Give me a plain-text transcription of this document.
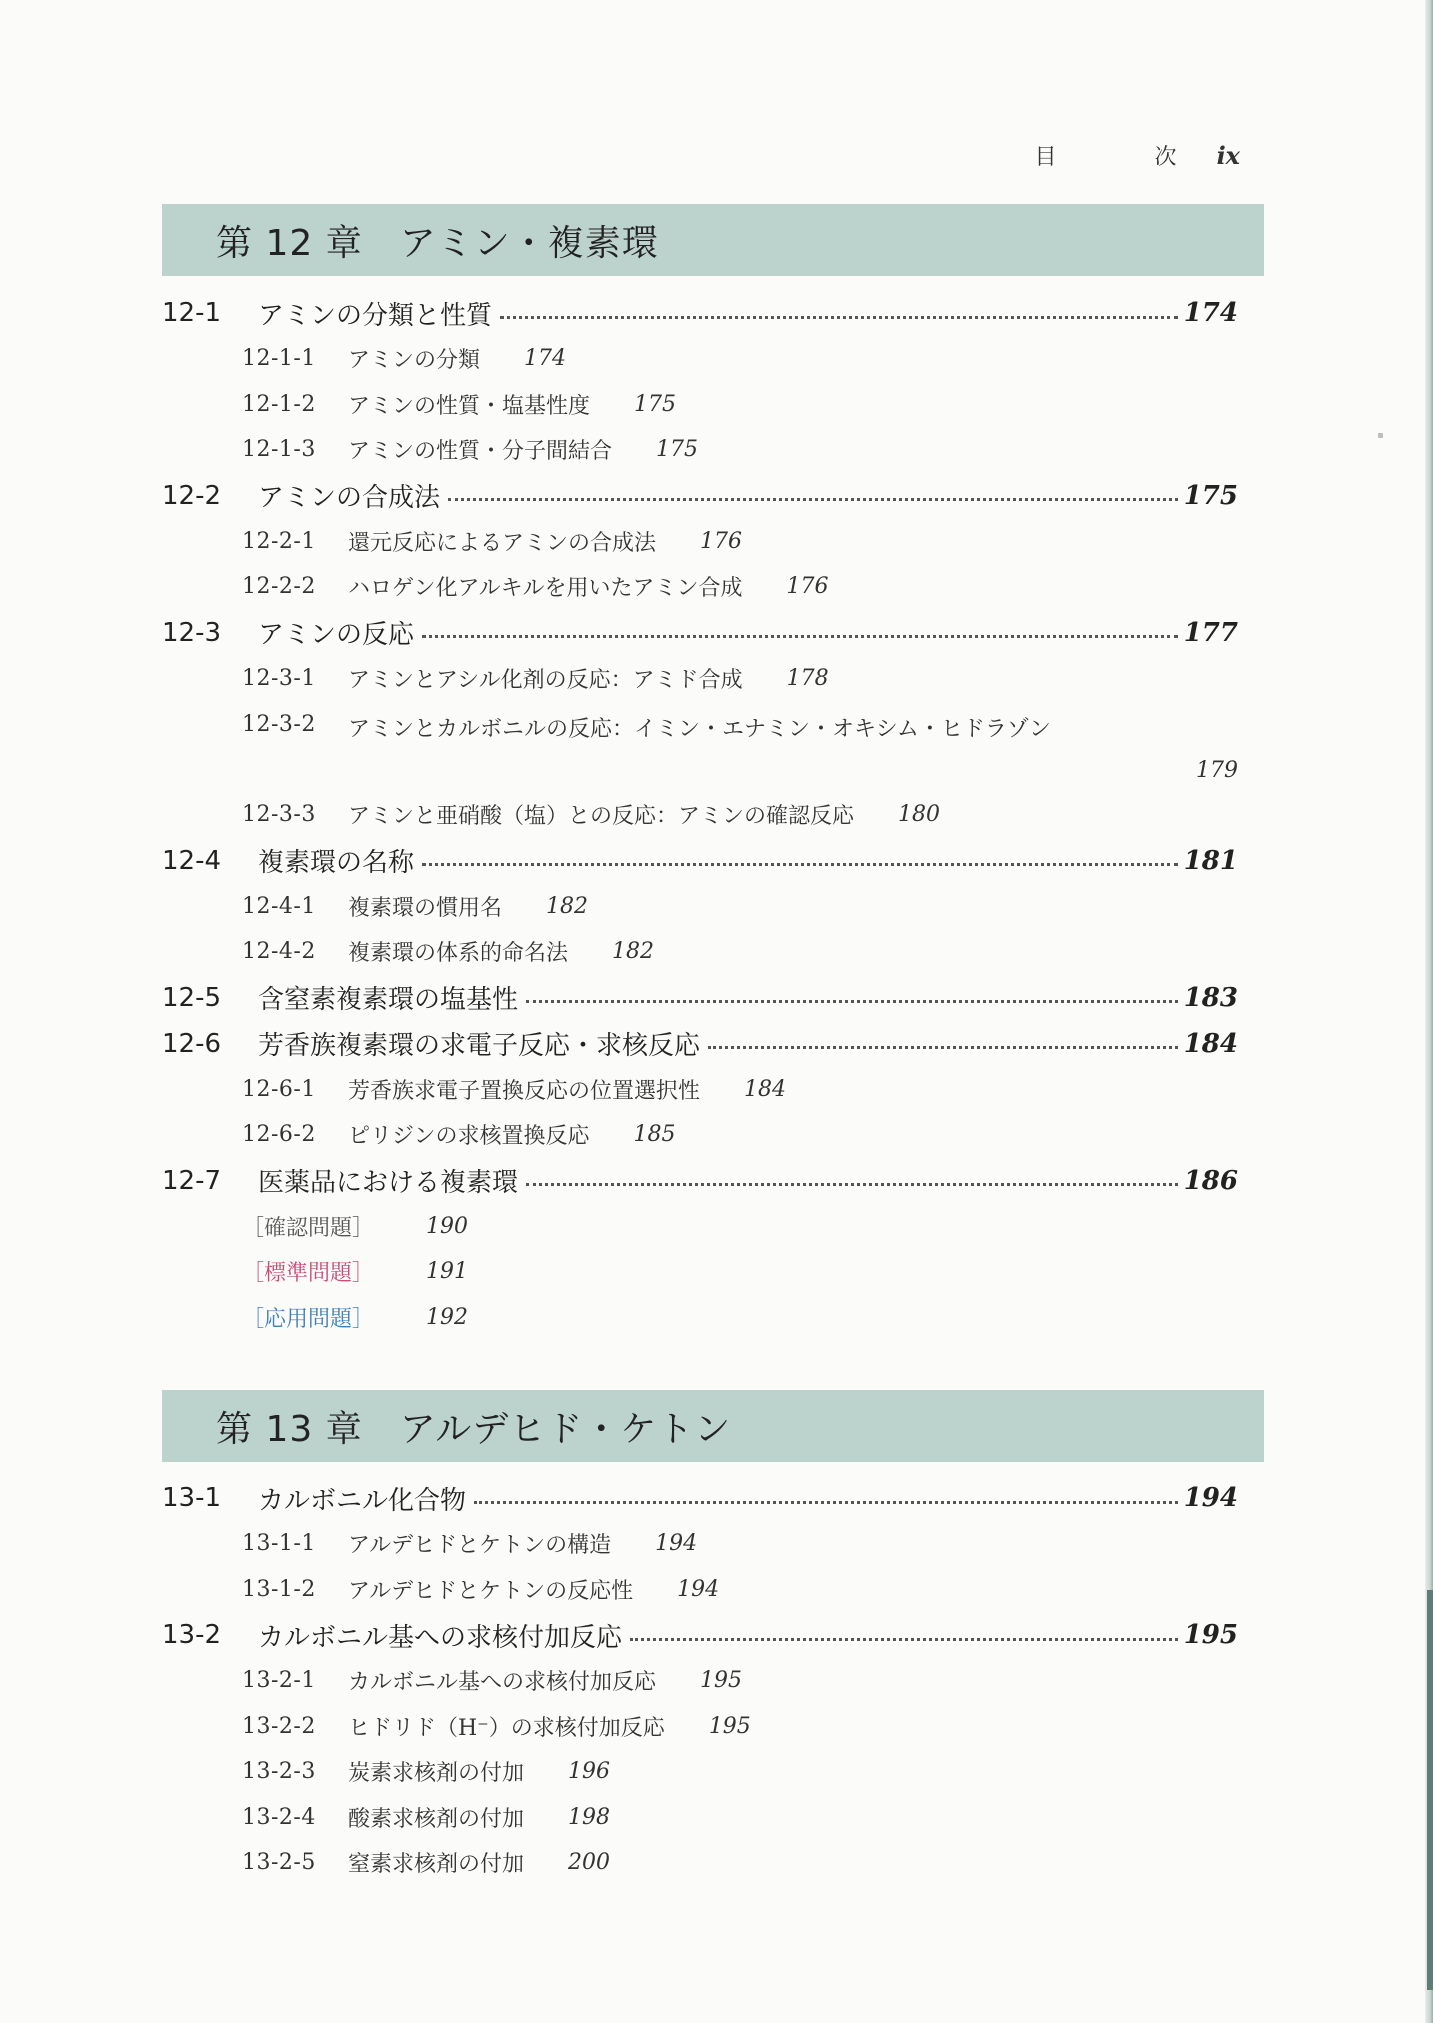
目　次 ix
第 12 章　アミン・複素環
12-1	アミンの分類と性質	174
12-1-1	アミンの分類 174
12-1-2	アミンの性質・塩基性度 175
12-1-3	アミンの性質・分子間結合 175
12-2	アミンの合成法	175
12-2-1	還元反応によるアミンの合成法 176
12-2-2	ハロゲン化アルキルを用いたアミン合成 176
12-3	アミンの反応	177
12-3-1	アミンとアシル化剤の反応：アミド合成 178
12-3-2	アミンとカルボニルの反応：イミン・エナミン・オキシム・ヒドラゾン
179
12-3-3	アミンと亜硝酸（塩）との反応：アミンの確認反応 180
12-4	複素環の名称	181
12-4-1	複素環の慣用名 182
12-4-2	複素環の体系的命名法 182
12-5	含窒素複素環の塩基性	183
12-6	芳香族複素環の求電子反応・求核反応	184
12-6-1	芳香族求電子置換反応の位置選択性 184
12-6-2	ピリジンの求核置換反応 185
12-7	医薬品における複素環	186
［確認問題］ 190
［標準問題］ 191
［応用問題］ 192
第 13 章　アルデヒド・ケトン
13-1	カルボニル化合物	194
13-1-1	アルデヒドとケトンの構造 194
13-1-2	アルデヒドとケトンの反応性 194
13-2	カルボニル基への求核付加反応	195
13-2-1	カルボニル基への求核付加反応 195
13-2-2	ヒドリド（H⁻）の求核付加反応 195
13-2-3	炭素求核剤の付加 196
13-2-4	酸素求核剤の付加 198
13-2-5	窒素求核剤の付加 200
